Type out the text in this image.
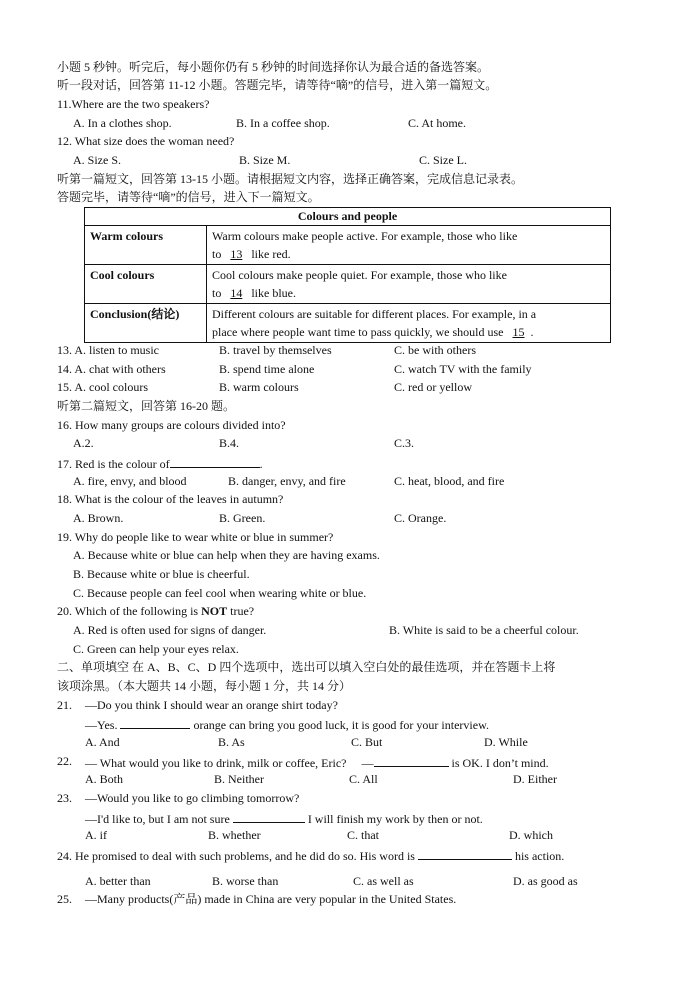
小题 5 秒钟。听完后，每小题你仍有 5 秒钟的时间选择你认为最合适的备选答案。
听一段对话，回答第 11-12 小题。答题完毕，请等待“嘀”的信号，进入第一篇短文。
11.Where are the two speakers?
A. In a clothes shop.	B. In a coffee shop.	C. At home.
12. What size does the woman need?
A. Size S.	B. Size M.	C. Size L.
听第一篇短文，回答第 13-15 小题。请根据短文内容，选择正确答案，完成信息记录表。
答题完毕，请等待“嘀”的信号，进入下一篇短文。
Colours and people	
Warm colours	Warm colours make people active. For example, those who like
to 13 like red.
Cool colours	Cool colours make people quiet. For example, those who like
to 14 like blue.
Conclusion(结论)	Different colours are suitable for different places. For example, in a
place where people want time to pass quickly, we should use 15 .
13. A. listen to music	B. travel by themselves	C. be with others
14. A. chat with others	B. spend time alone	C. watch TV with the family
15. A. cool colours	B. warm colours	C. red or yellow
听第二篇短文，回答第 16-20 题。
16. How many groups are colours divided into?
A.2.	B.4.	C.3.
17. Red is the colour of	.
A. fire, envy, and blood	B. danger, envy, and fire	C. heat, blood, and fire
18. What is the colour of the leaves in autumn?
A. Brown.	B. Green.	C. Orange.
19. Why do people like to wear white or blue in summer?
A. Because white or blue can help when they are having exams.
B. Because white or blue is cheerful.
C. Because people can feel cool when wearing white or blue.
20. Which of the following is NOT true?
A. Red is often used for signs of danger.	B. White is said to be a cheerful colour.
C. Green can help your eyes relax.
二、单项填空 在 A、B、C、D 四个选项中，选出可以填入空白处的最佳选项，并在答题卡上将
该项涂黑。（本大题共 14 小题，每小题 1 分，共 14 分）
21. —Do you think I should wear an orange shirt today?
—Yes.	orange can bring you good luck, it is good for your interview.
A. And	B. As	C. But	D. While
22. — What would you like to drink, milk or coffee, Eric? —	is OK. I don’t mind.
A. Both	B. Neither	C. All	D. Either
23. —Would you like to go climbing tomorrow?
—I'd like to, but I am not sure	I will finish my work by then or not.
A. if	B. whether	C. that	D. which
24. He promised to deal with such problems, and he did do so. His word is	his action.
A. better than	B. worse than	C. as well as	D. as good as
25. —Many products(产品) made in China are very popular in the United States.
